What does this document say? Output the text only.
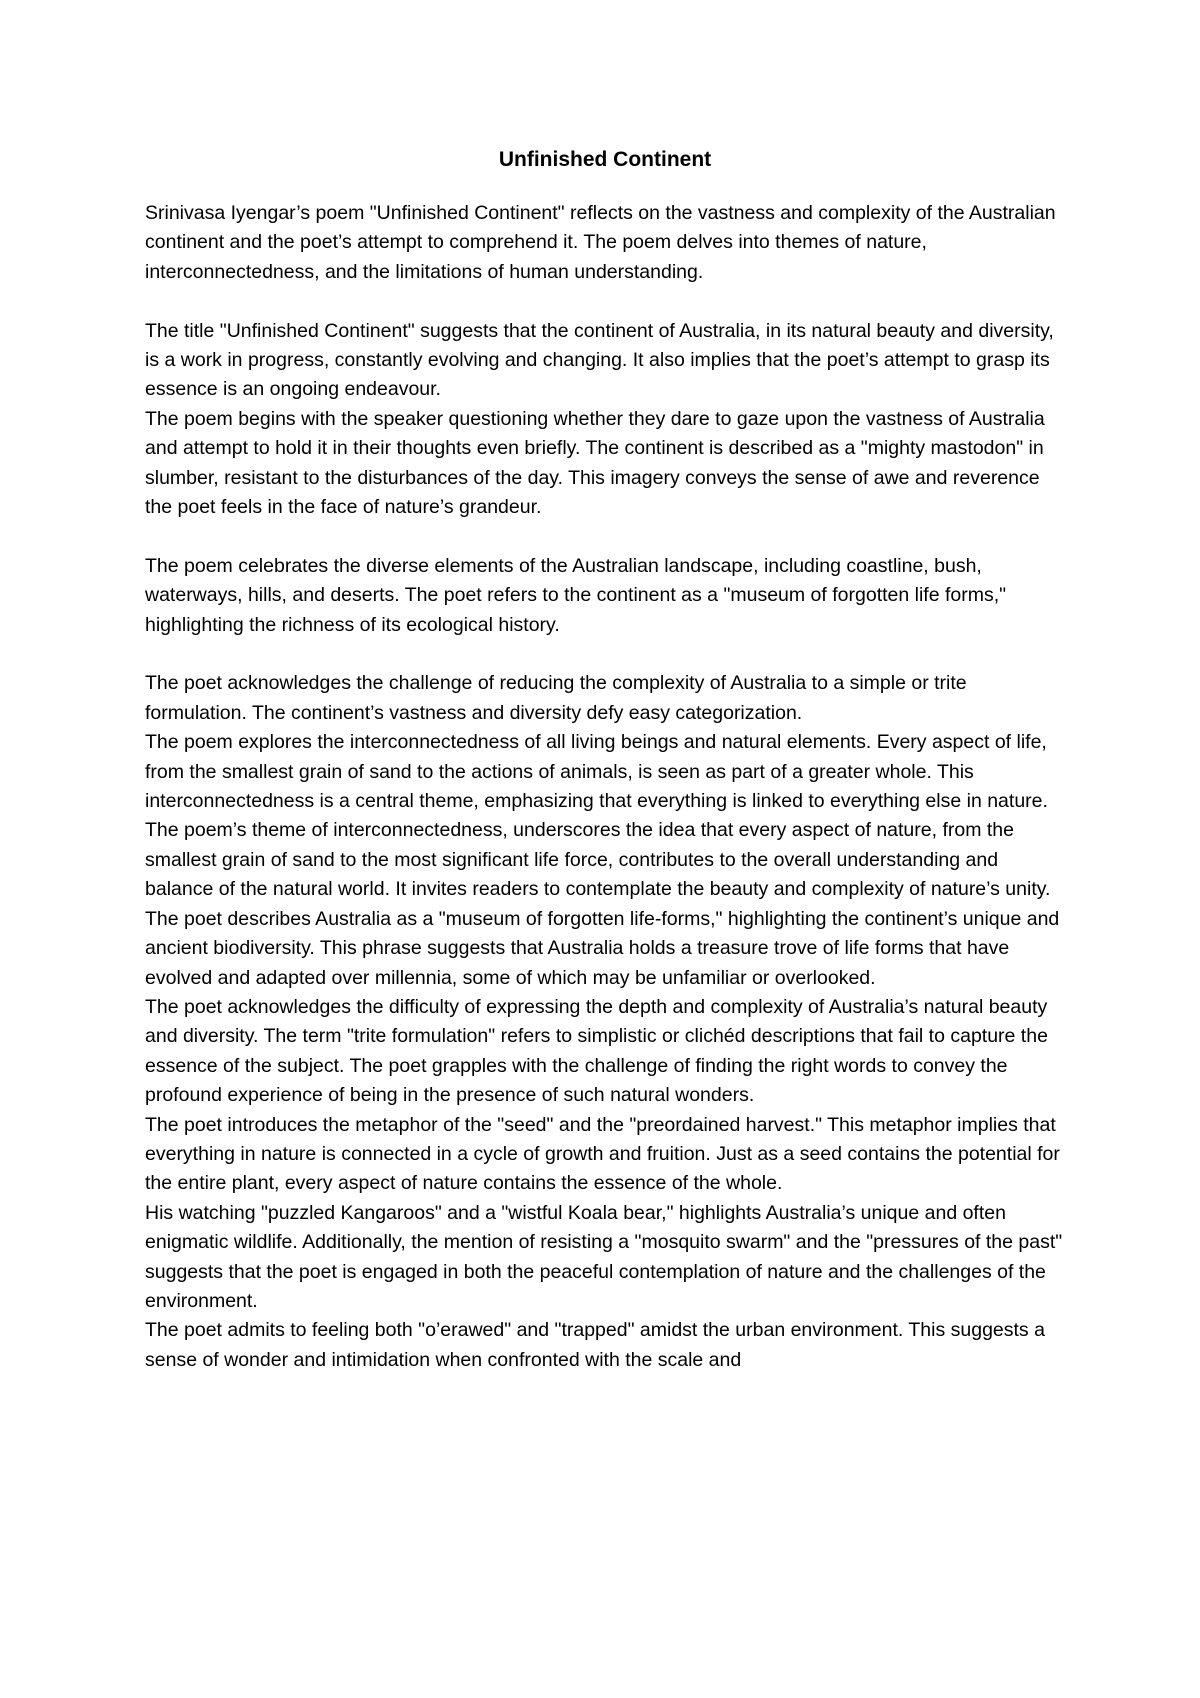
Unfinished Continent

Srinivasa Iyengar’s poem "Unfinished Continent" reflects on the vastness and complexity of the Australian continent and the poet’s attempt to comprehend it. The poem delves into themes of nature, interconnectedness, and the limitations of human understanding.

The title "Unfinished Continent" suggests that the continent of Australia, in its natural beauty and diversity, is a work in progress, constantly evolving and changing. It also implies that the poet’s attempt to grasp its essence is an ongoing endeavour.

The poem begins with the speaker questioning whether they dare to gaze upon the vastness of Australia and attempt to hold it in their thoughts even briefly. The continent is described as a "mighty mastodon" in slumber, resistant to the disturbances of the day. This imagery conveys the sense of awe and reverence the poet feels in the face of nature’s grandeur.

The poem celebrates the diverse elements of the Australian landscape, including coastline, bush, waterways, hills, and deserts. The poet refers to the continent as a "museum of forgotten life forms," highlighting the richness of its ecological history.

The poet acknowledges the challenge of reducing the complexity of Australia to a simple or trite formulation. The continent’s vastness and diversity defy easy categorization.

The poem explores the interconnectedness of all living beings and natural elements. Every aspect of life, from the smallest grain of sand to the actions of animals, is seen as part of a greater whole. This interconnectedness is a central theme, emphasizing that everything is linked to everything else in nature. The poem’s theme of interconnectedness, underscores the idea that every aspect of nature, from the smallest grain of sand to the most significant life force, contributes to the overall understanding and balance of the natural world. It invites readers to contemplate the beauty and complexity of nature’s unity.

The poet describes Australia as a "museum of forgotten life-forms," highlighting the continent’s unique and ancient biodiversity. This phrase suggests that Australia holds a treasure trove of life forms that have evolved and adapted over millennia, some of which may be unfamiliar or overlooked.

The poet acknowledges the difficulty of expressing the depth and complexity of Australia’s natural beauty and diversity. The term "trite formulation" refers to simplistic or clichéd descriptions that fail to capture the essence of the subject. The poet grapples with the challenge of finding the right words to convey the profound experience of being in the presence of such natural wonders.

The poet introduces the metaphor of the "seed" and the "preordained harvest." This metaphor implies that everything in nature is connected in a cycle of growth and fruition. Just as a seed contains the potential for the entire plant, every aspect of nature contains the essence of the whole.

His watching "puzzled Kangaroos" and a "wistful Koala bear," highlights Australia’s unique and often enigmatic wildlife. Additionally, the mention of resisting a "mosquito swarm" and the "pressures of the past" suggests that the poet is engaged in both the peaceful contemplation of nature and the challenges of the environment.

The poet admits to feeling both "o’erawed" and "trapped" amidst the urban environment. This suggests a sense of wonder and intimidation when confronted with the scale and
